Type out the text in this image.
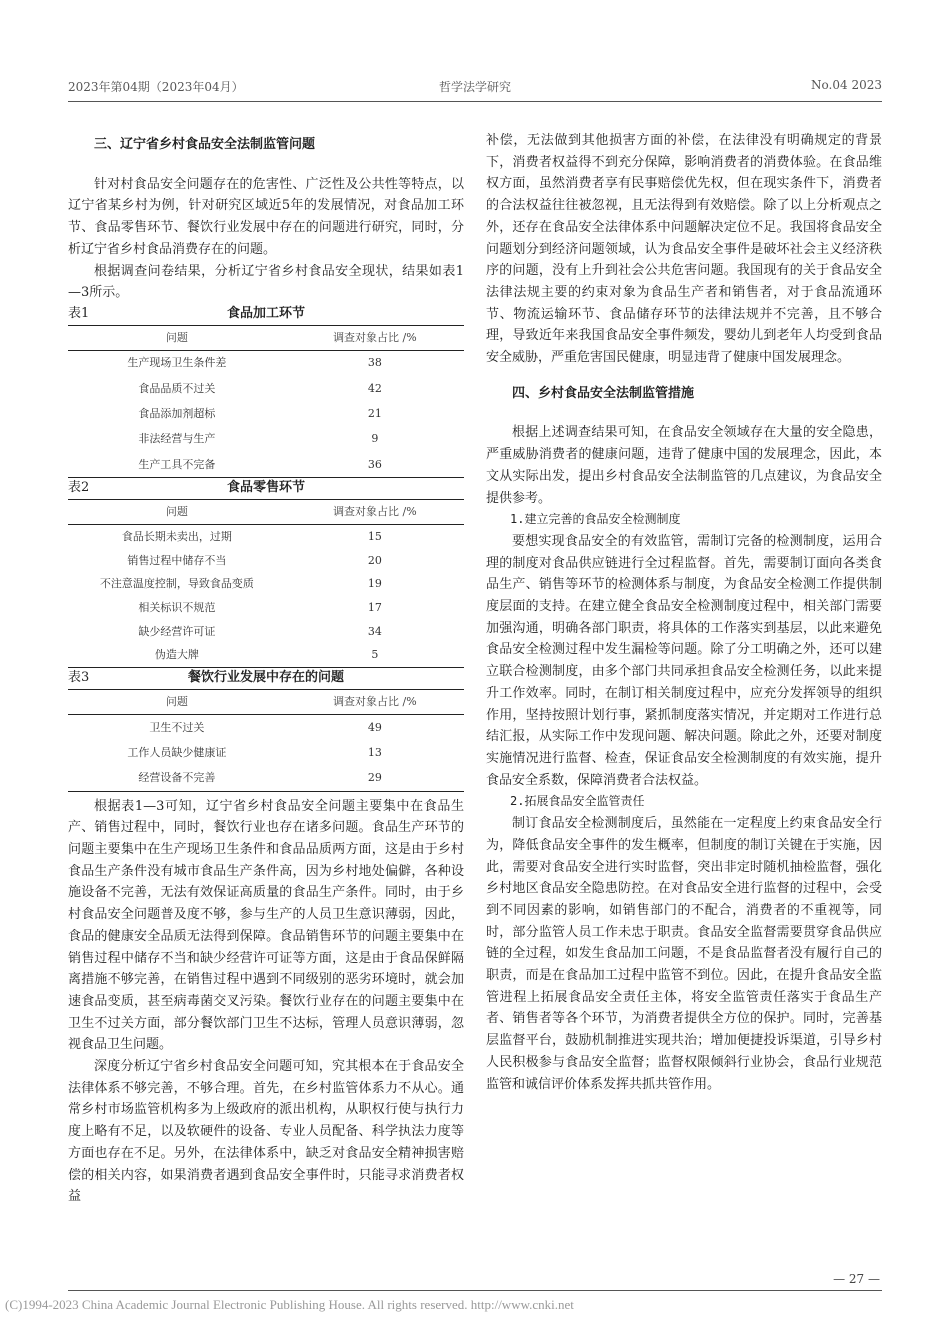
2023年第04期（2023年04月）	哲学法学研究	No.04 2023
三、辽宁省乡村食品安全法制监管问题

针对村食品安全问题存在的危害性、广泛性及公共性等特点，以辽宁省某乡村为例，针对研究区域近5年的发展情况，对食品加工环节、食品零售环节、餐饮行业发展中存在的问题进行研究，同时，分析辽宁省乡村食品消费存在的问题。

根据调查问卷结果，分析辽宁省乡村食品安全现状，结果如表1—3所示。

表1	食品加工环节
问题	调查对象占比 /%
生产现场卫生条件差	38
食品品质不过关	42
食品添加剂超标	21
非法经营与生产	9
生产工具不完备	36
表2	食品零售环节
问题	调查对象占比 /%
食品长期未卖出，过期	15
销售过程中储存不当	20
不注意温度控制，导致食品变质	19
相关标识不规范	17
缺少经营许可证	34
伪造大牌	5
表3	餐饮行业发展中存在的问题
问题	调查对象占比 /%
卫生不过关	49
工作人员缺少健康证	13
经营设备不完善	29

根据表1—3可知，辽宁省乡村食品安全问题主要集中在食品生产、销售过程中，同时，餐饮行业也存在诸多问题。食品生产环节的问题主要集中在生产现场卫生条件和食品品质两方面，这是由于乡村食品生产条件没有城市食品生产条件高，因为乡村地处偏僻，各种设施设备不完善，无法有效保证高质量的食品生产条件。同时，由于乡村食品安全问题普及度不够，参与生产的人员卫生意识薄弱，因此，食品的健康安全品质无法得到保障。食品销售环节的问题主要集中在销售过程中储存不当和缺少经营许可证等方面，这是由于食品保鲜隔离措施不够完善，在销售过程中遇到不同级别的恶劣环境时，就会加速食品变质，甚至病毒菌交叉污染。餐饮行业存在的问题主要集中在卫生不过关方面，部分餐饮部门卫生不达标，管理人员意识薄弱，忽视食品卫生问题。

深度分析辽宁省乡村食品安全问题可知，究其根本在于食品安全法律体系不够完善，不够合理。首先，在乡村监管体系力不从心。通常乡村市场监管机构多为上级政府的派出机构，从职权行使与执行力度上略有不足，以及软硬件的设备、专业人员配备、科学执法力度等方面也存在不足。另外，在法律体系中，缺乏对食品安全精神损害赔偿的相关内容，如果消费者遇到食品安全事件时，只能寻求消费者权益

补偿，无法做到其他损害方面的补偿，在法律没有明确规定的背景下，消费者权益得不到充分保障，影响消费者的消费体验。在食品维权方面，虽然消费者享有民事赔偿优先权，但在现实条件下，消费者的合法权益往往被忽视，且无法得到有效赔偿。除了以上分析观点之外，还存在食品安全法律体系中问题解决定位不足。我国将食品安全问题划分到经济问题领域，认为食品安全事件是破坏社会主义经济秩序的问题，没有上升到社会公共危害问题。我国现有的关于食品安全法律法规主要的约束对象为食品生产者和销售者，对于食品流通环节、物流运输环节、食品储存环节的法律法规并不完善，且不够合理，导致近年来我国食品安全事件频发，婴幼儿到老年人均受到食品安全威胁，严重危害国民健康，明显违背了健康中国发展理念。

四、乡村食品安全法制监管措施

根据上述调查结果可知，在食品安全领域存在大量的安全隐患，严重威胁消费者的健康问题，违背了健康中国的发展理念，因此，本文从实际出发，提出乡村食品安全法制监管的几点建议，为食品安全提供参考。

1.建立完善的食品安全检测制度

要想实现食品安全的有效监管，需制订完备的检测制度，运用合理的制度对食品供应链进行全过程监督。首先，需要制订面向各类食品生产、销售等环节的检测体系与制度，为食品安全检测工作提供制度层面的支持。在建立健全食品安全检测制度过程中，相关部门需要加强沟通，明确各部门职责，将具体的工作落实到基层，以此来避免食品安全检测过程中发生漏检等问题。除了分工明确之外，还可以建立联合检测制度，由多个部门共同承担食品安全检测任务，以此来提升工作效率。同时，在制订相关制度过程中，应充分发挥领导的组织作用，坚持按照计划行事，紧抓制度落实情况，并定期对工作进行总结汇报，从实际工作中发现问题、解决问题。除此之外，还要对制度实施情况进行监督、检查，保证食品安全检测制度的有效实施，提升食品安全系数，保障消费者合法权益。

2.拓展食品安全监管责任

制订食品安全检测制度后，虽然能在一定程度上约束食品安全行为，降低食品安全事件的发生概率，但制度的制订关键在于实施，因此，需要对食品安全进行实时监督，突出非定时随机抽检监督，强化乡村地区食品安全隐患防控。在对食品安全进行监督的过程中，会受到不同因素的影响，如销售部门的不配合，消费者的不重视等，同时，部分监管人员工作未忠于职责。食品安全监督需要贯穿食品供应链的全过程，如发生食品加工问题，不是食品监督者没有履行自己的职责，而是在食品加工过程中监管不到位。因此，在提升食品安全监管进程上拓展食品安全责任主体，将安全监管责任落实于食品生产者、销售者等各个环节，为消费者提供全方位的保护。同时，完善基层监督平台，鼓励机制推进实现共治；增加便捷投诉渠道，引导乡村人民积极参与食品安全监督；监督权限倾斜行业协会，食品行业规范监管和诚信评价体系发挥共抓共管作用。

— 27 —
(C)1994-2023 China Academic Journal Electronic Publishing House. All rights reserved. http://www.cnki.net
